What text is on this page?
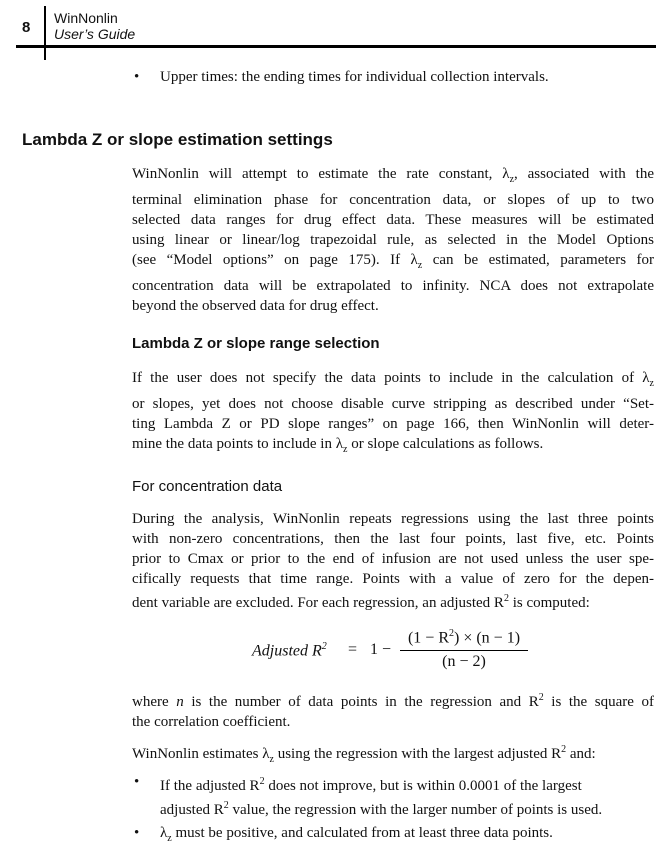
8
WinNonlin
User’s Guide
•	Upper times: the ending times for individual collection intervals.
Lambda Z or slope estimation settings
WinNonlin will attempt to estimate the rate constant, $\lambda_z$, associated with the
terminal elimination phase for concentration data, or slopes of up to two
selected data ranges for drug effect data. These measures will be estimated
using linear or linear/log trapezoidal rule, as selected in the Model Options
(see “Model options” on page 175). If $\lambda_z$ can be estimated, parameters for
concentration data will be extrapolated to infinity. NCA does not extrapolate
beyond the observed data for drug effect.
Lambda Z or slope range selection
If the user does not specify the data points to include in the calculation of $\lambda_z$
or slopes, yet does not choose disable curve stripping as described under “Set-
ting Lambda Z or PD slope ranges” on page 166, then WinNonlin will deter-
mine the data points to include in $\lambda_z$ or slope calculations as follows.
For concentration data
During the analysis, WinNonlin repeats regressions using the last three points
with non-zero concentrations, then the last four points, last five, etc. Points
prior to Cmax or prior to the end of infusion are not used unless the user spe-
cifically requests that time range. Points with a value of zero for the depen-
dent variable are excluded. For each regression, an adjusted $R^2$ is computed:
Adjusted $R^2 = 1$ −
$(1 - R^2) \times (n - 1)$
(n − 2)
where n is the number of data points in the regression and $R^2$ is the square of
the correlation coefficient.
WinNonlin estimates $\lambda_z$ using the regression with the largest adjusted $R^2$ and:
•	If the adjusted $R^2$ does not improve, but is within 0.0001 of the largest
adjusted $R^2$ value, the regression with the larger number of points is used.
•	$\lambda_z$ must be positive, and calculated from at least three data points.
